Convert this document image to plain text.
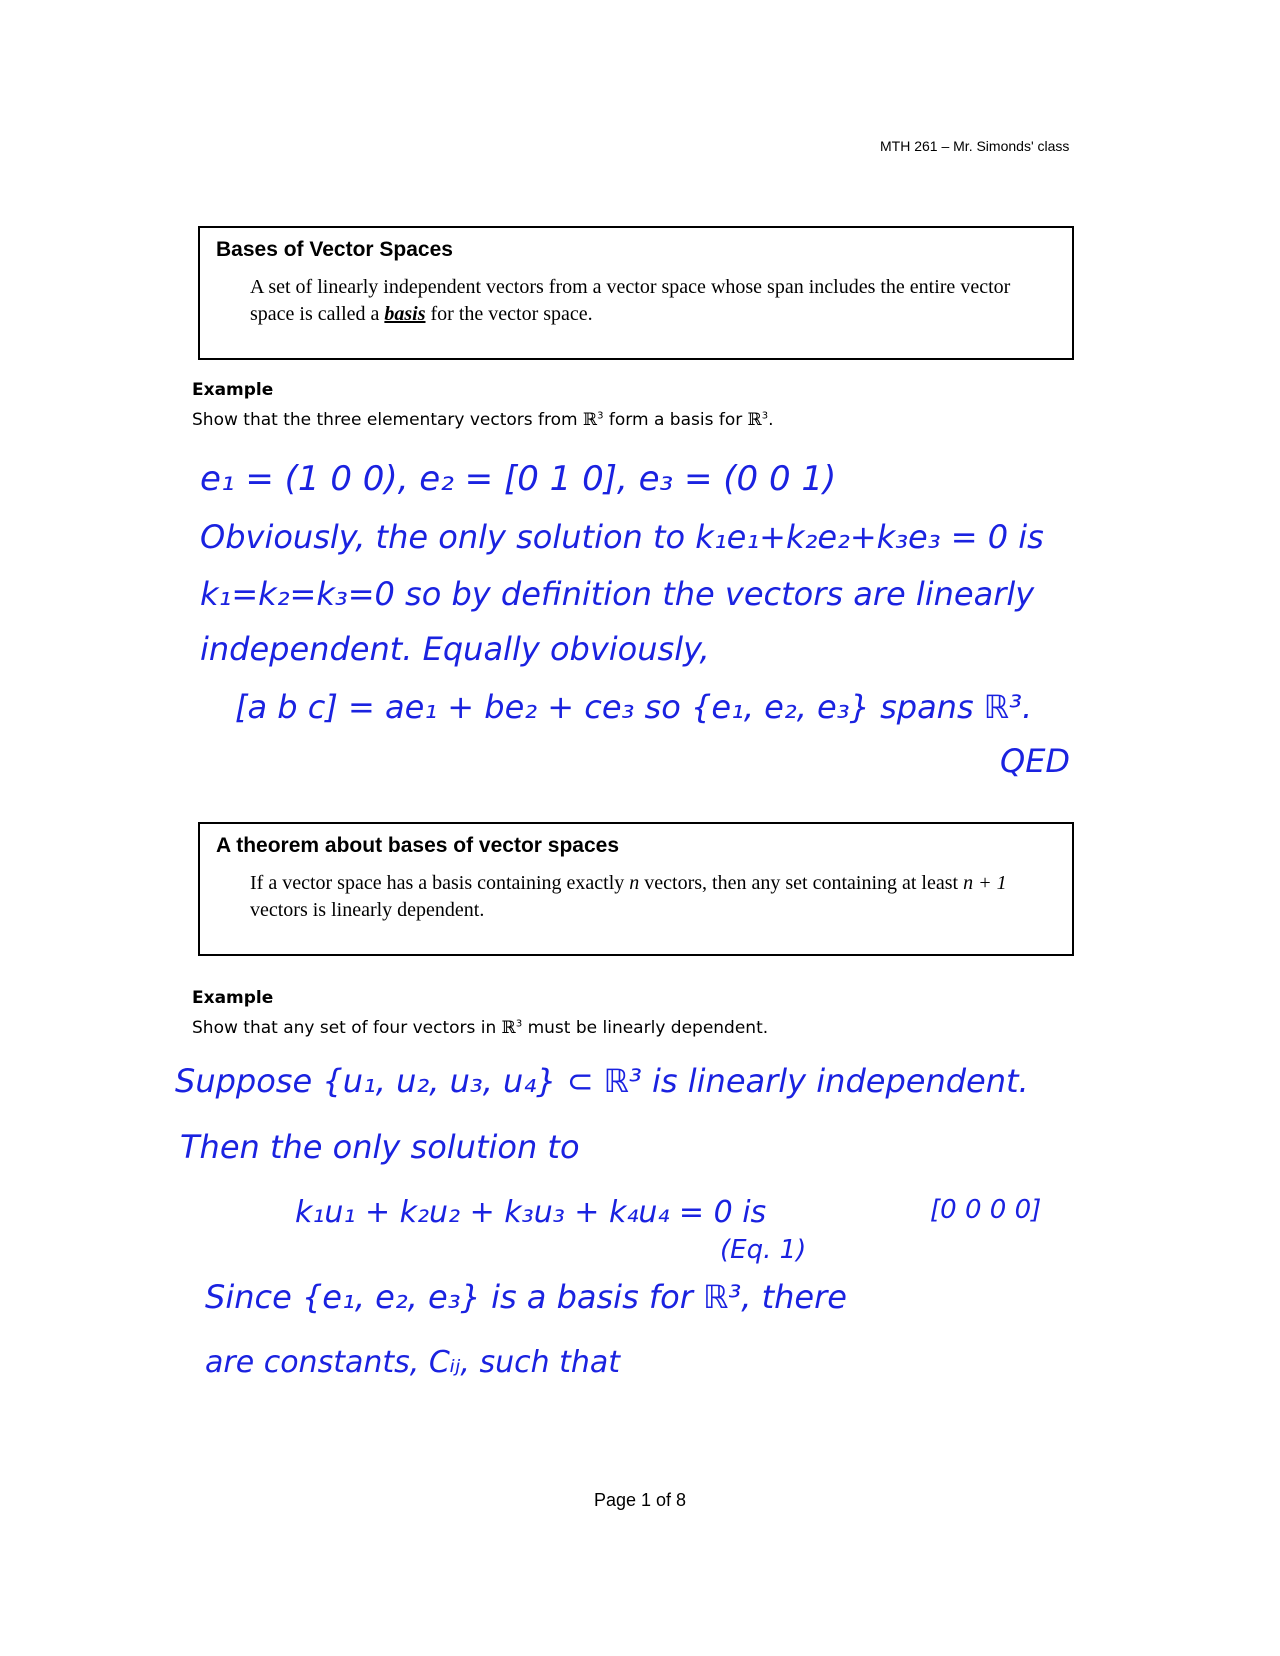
MTH 261 – Mr. Simonds' class
Bases of Vector Spaces
A set of linearly independent vectors from a vector space whose span includes the entire vector space is called a basis for the vector space.
Example
Show that the three elementary vectors from ℝ$^3$ form a basis for ℝ$^3$.
e₁ = (1 0 0), e₂ = [0 1 0], e₃ = (0 0 1)
Obviously, the only solution to k₁e₁+k₂e₂+k₃e₃ = 0 is
k₁=k₂=k₃=0 so by definition the vectors are linearly
independent. Equally obviously,
[a b c] = ae₁ + be₂ + ce₃ so {e₁, e₂, e₃} spans ℝ³.
QED
A theorem about bases of vector spaces
If a vector space has a basis containing exactly n vectors, then any set containing at least n + 1 vectors is linearly dependent.
Example
Show that any set of four vectors in ℝ$^3$ must be linearly dependent.
Suppose {u₁, u₂, u₃, u₄} ⊂ ℝ³ is linearly independent.
Then the only solution to
k₁u₁ + k₂u₂ + k₃u₃ + k₄u₄ = 0 is	[0 0 0 0]
(Eq. 1)
Since {e₁, e₂, e₃} is a basis for ℝ³, there
are constants, Cᵢⱼ, such that
Page 1 of 8
